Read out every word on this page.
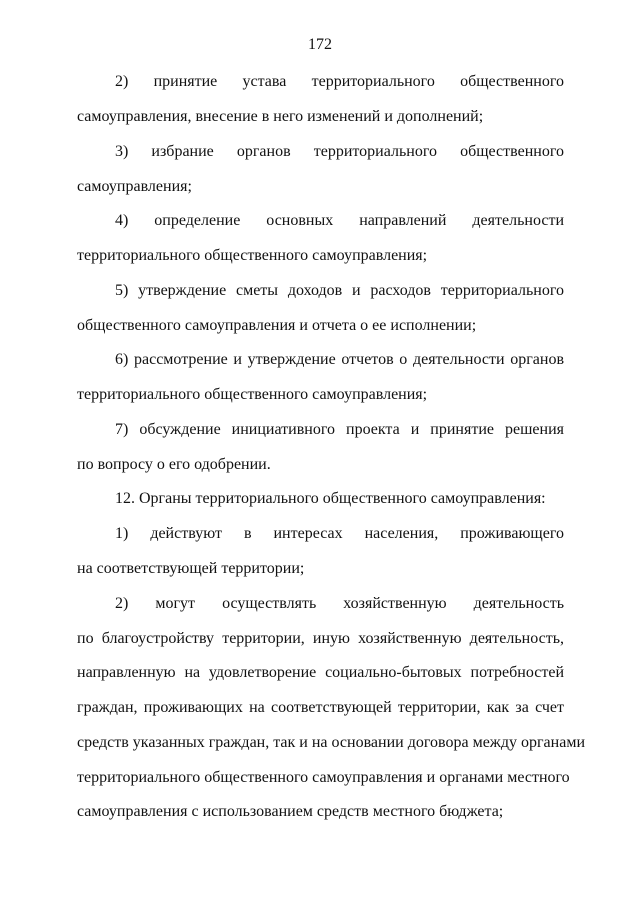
172
2) принятие устава территориального общественного
самоуправления, внесение в него изменений и дополнений;
3) избрание органов территориального общественного
самоуправления;
4) определение основных направлений деятельности
территориального общественного самоуправления;
5) утверждение сметы доходов и расходов территориального
общественного самоуправления и отчета о ее исполнении;
6) рассмотрение и утверждение отчетов о деятельности органов
территориального общественного самоуправления;
7) обсуждение инициативного проекта и принятие решения
по вопросу о его одобрении.
12. Органы территориального общественного самоуправления:
1) действуют в интересах населения, проживающего
на соответствующей территории;
2) могут осуществлять хозяйственную деятельность
по благоустройству территории, иную хозяйственную деятельность,
направленную на удовлетворение социально-бытовых потребностей
граждан, проживающих на соответствующей территории, как за счет
средств указанных граждан, так и на основании договора между органами
территориального общественного самоуправления и органами местного
самоуправления с использованием средств местного бюджета;
